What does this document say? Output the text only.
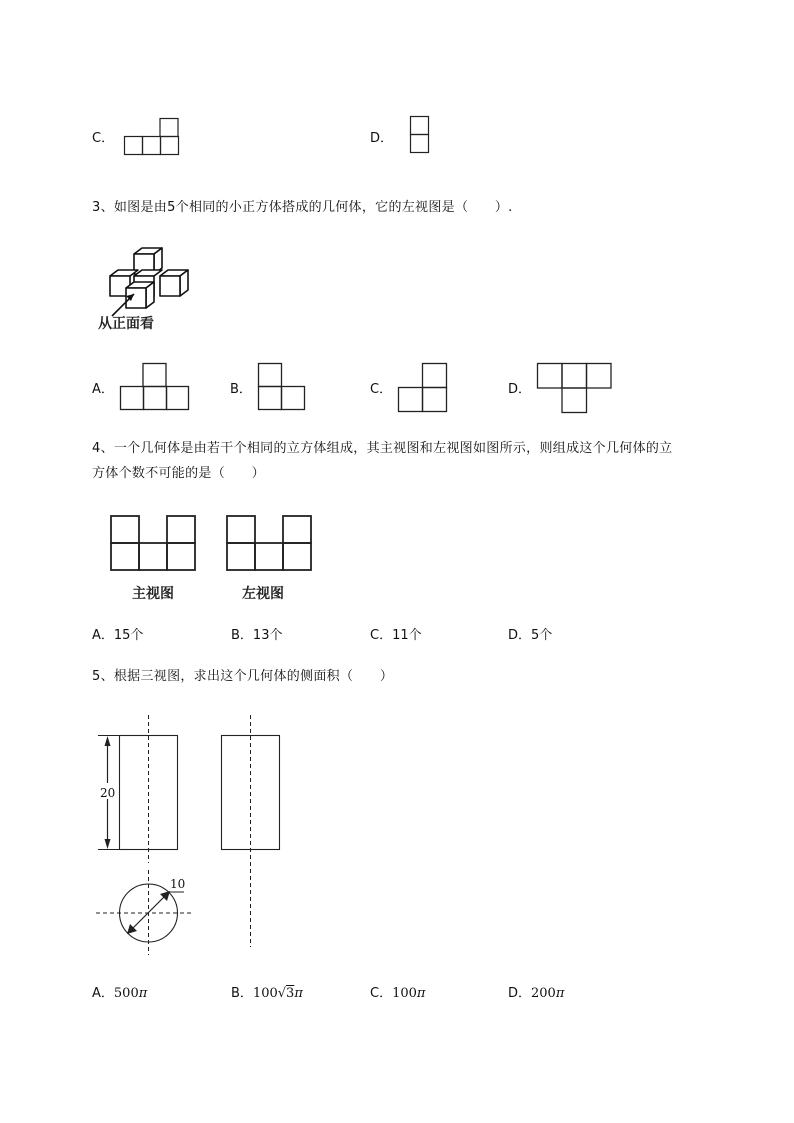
C．	D．
3、如图是由5个相同的小正方体搭成的几何体，它的左视图是（　　）.
从正面看
A．	B．	C．	D．
4、一个几何体是由若干个相同的立方体组成，其主视图和左视图如图所示，则组成这个几何体的立
方体个数不可能的是（　　）
主视图	左视图
A．15个	B．13个	C．11个	D．5个
5、根据三视图，求出这个几何体的侧面积（　　）
20
10
A．500π	B．100√3π	C．100π	D．200π
